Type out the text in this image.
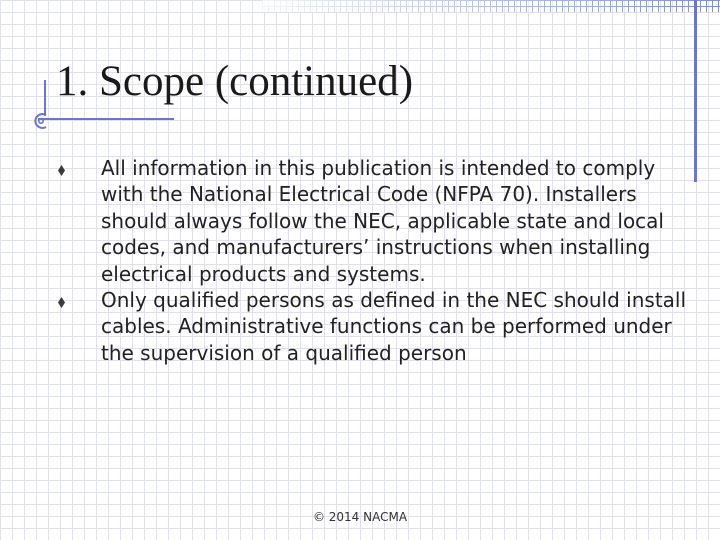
1. Scope (continued)
All information in this publication is intended to comply with the National Electrical Code (NFPA 70). Installers should always follow the NEC, applicable state and local codes, and manufacturers’ instructions when installing electrical products and systems.
Only qualified persons as defined in the NEC should install cables. Administrative functions can be performed under the supervision of a qualified person
© 2014 NACMA
